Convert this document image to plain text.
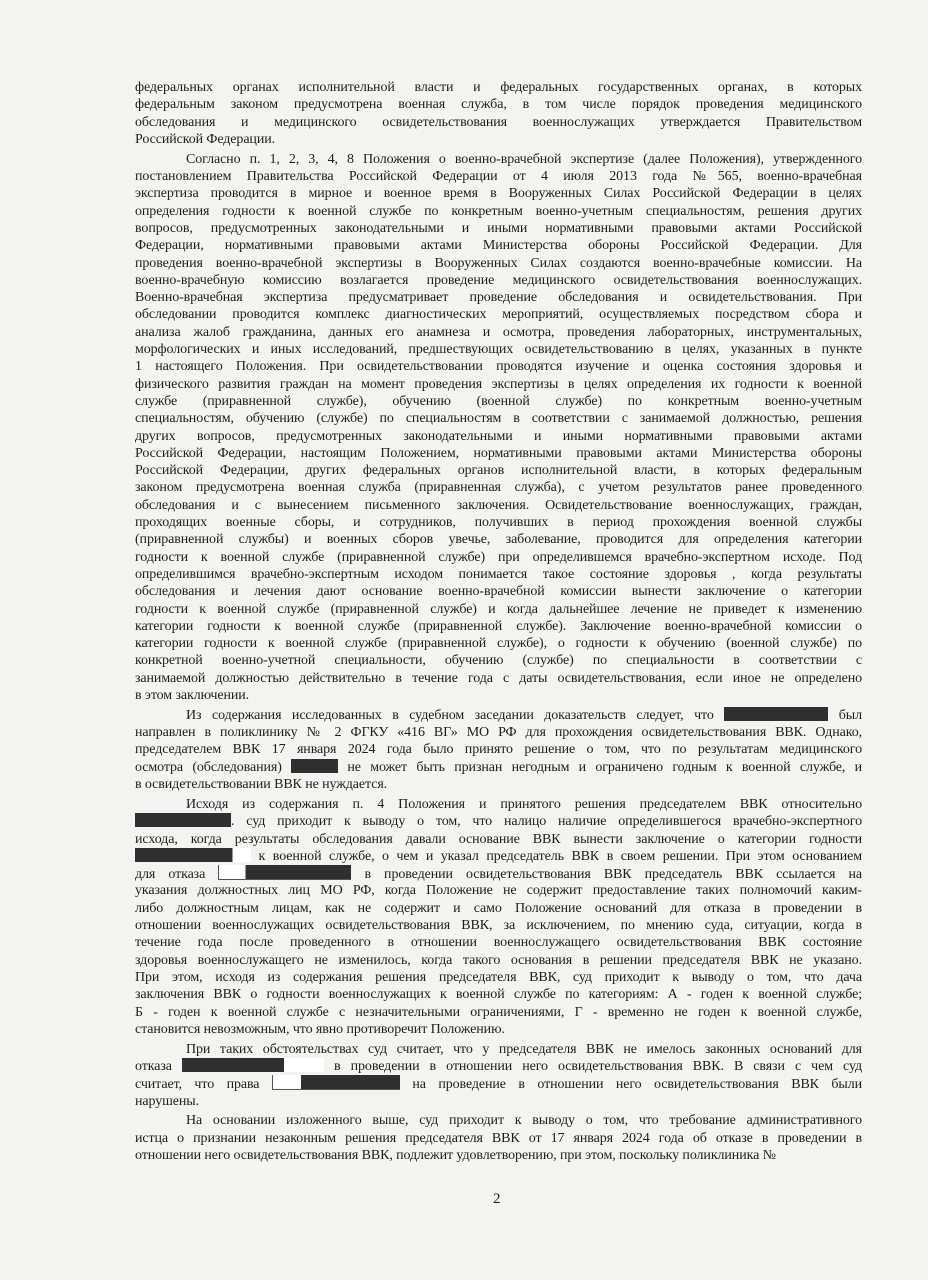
федеральных органах исполнительной власти и федеральных государственных органах, в которых
федеральным законом предусмотрена военная служба, в том числе порядок проведения медицинского
обследования и медицинского освидетельствования военнослужащих утверждается Правительством
Российской Федерации.
Согласно п. 1, 2, 3, 4, 8 Положения о военно-врачебной экспертизе (далее Положения), утвержденного
постановлением Правительства Российской Федерации от 4 июля 2013 года №565, военно-врачебная
экспертиза проводится в мирное и военное время в Вооруженных Силах Российской Федерации в целях
определения годности к военной службе по конкретным военно-учетным специальностям, решения других
вопросов, предусмотренных законодательными и иными нормативными правовыми актами Российской
Федерации, нормативными правовыми актами Министерства обороны Российской Федерации. Для
проведения военно-врачебной экспертизы в Вооруженных Силах создаются военно-врачебные комиссии. На
военно-врачебную комиссию возлагается проведение медицинского освидетельствования военнослужащих.
Военно-врачебная экспертиза предусматривает проведение обследования и освидетельствования. При
обследовании проводится комплекс диагностических мероприятий, осуществляемых посредством сбора и
анализа жалоб гражданина, данных его анамнеза и осмотра, проведения лабораторных, инструментальных,
морфологических и иных исследований, предшествующих освидетельствованию в целях, указанных в пункте
1 настоящего Положения. При освидетельствовании проводятся изучение и оценка состояния здоровья и
физического развития граждан на момент проведения экспертизы в целях определения их годности к военной
службе (приравненной службе), обучению (военной службе) по конкретным военно-учетным
специальностям, обучению (службе) по специальностям в соответствии с занимаемой должностью, решения
других вопросов, предусмотренных законодательными и иными нормативными правовыми актами
Российской Федерации, настоящим Положением, нормативными правовыми актами Министерства обороны
Российской Федерации, других федеральных органов исполнительной власти, в которых федеральным
законом предусмотрена военная служба (приравненная служба), с учетом результатов ранее проведенного
обследования и с вынесением письменного заключения. Освидетельствование военнослужащих, граждан,
проходящих военные сборы, и сотрудников, получивших в период прохождения военной службы
(приравненной службы) и военных сборов увечье, заболевание, проводится для определения категории
годности к военной службе (приравненной службе) при определившемся врачебно-экспертном исходе. Под
определившимся врачебно-экспертным исходом понимается такое состояние здоровья , когда результаты
обследования и лечения дают основание военно-врачебной комиссии вынести заключение о категории
годности к военной службе (приравненной службе) и когда дальнейшее лечение не приведет к изменению
категории годности к военной службе (приравненной службе). Заключение военно-врачебной комиссии о
категории годности к военной службе (приравненной службе), о годности к обучению (военной службе) по
конкретной военно-учетной специальности, обучению (службе) по специальности в соответствии с
занимаемой должностью действительно в течение года с даты освидетельствования, если иное не определено
в этом заключении.
Из содержания исследованных в судебном заседании доказательств следует, что	был
направлен в поликлинику № 2 ФГКУ «416 ВГ» МО РФ для прохождения освидетельствования ВВК. Однако,
председателем ВВК 17 января 2024 года было принято решение о том, что по результатам медицинского
осмотра (обследования)	не может быть признан негодным и ограничено годным к военной службе, и
в освидетельствовании ВВК не нуждается.
Исходя из содержания п. 4 Положения и принятого решения председателем ВВК относительно
. суд приходит к выводу о том, что налицо наличие определившегося врачебно-экспертного
исхода, когда результаты обследования давали основание ВВК вынести заключение о категории годности
к военной службе, о чем и указал председатель ВВК в своем решении. При этом основанием
для отказа	в проведении освидетельствования ВВК председатель ВВК ссылается на
указания должностных лиц МО РФ, когда Положение не содержит предоставление таких полномочий каким-
либо должностным лицам, как не содержит и само Положение оснований для отказа в проведении в
отношении военнослужащих освидетельствования ВВК, за исключением, по мнению суда, ситуации, когда в
течение года после проведенного в отношении военнослужащего освидетельствования ВВК состояние
здоровья военнослужащего не изменилось, когда такого основания в решении председателя ВВК не указано.
При этом, исходя из содержания решения председателя ВВК, суд приходит к выводу о том, что дача
заключения ВВК о годности военнослужащих к военной службе по категориям: А - годен к военной службе;
Б - годен к военной службе с незначительными ограничениями, Г - временно не годен к военной службе,
становится невозможным, что явно противоречит Положению.
При таких обстоятельствах суд считает, что у председателя ВВК не имелось законных оснований для
отказа	в проведении в отношении него освидетельствования ВВК. В связи с чем суд
считает, что права	на проведение в отношении него освидетельствования ВВК были
нарушены.
На основании изложенного выше, суд приходит к выводу о том, что требование административного
истца о признании незаконным решения председателя ВВК от 17 января 2024 года об отказе в проведении в
отношении него освидетельствования ВВК, подлежит удовлетворению, при этом, поскольку поликлиника №
2
